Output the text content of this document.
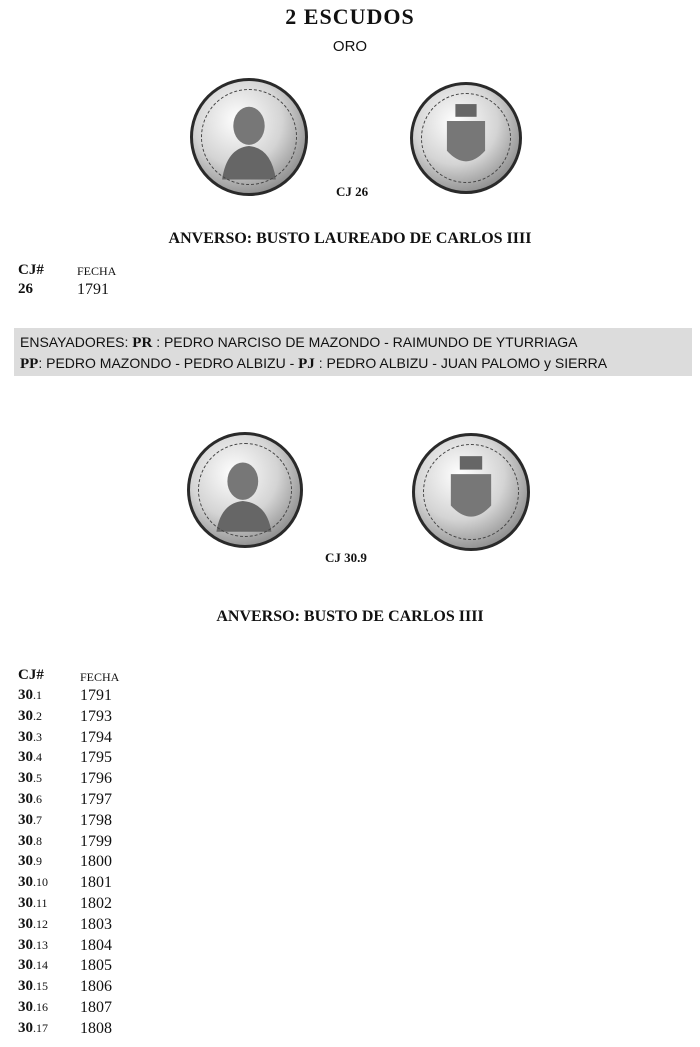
2 ESCUDOS
ORO
CJ 26
ANVERSO: BUSTO LAUREADO DE CARLOS IIII
CJ#	FECHA
26	1791
ENSAYADORES: PR : PEDRO NARCISO DE MAZONDO - RAIMUNDO DE YTURRIAGA
PP: PEDRO MAZONDO - PEDRO ALBIZU - PJ : PEDRO ALBIZU - JUAN PALOMO y SIERRA
CJ 30.9
ANVERSO: BUSTO DE CARLOS IIII
CJ#	FECHA
30.1 1791
30.2 1793
30.3 1794
30.4 1795
30.5 1796
30.6 1797
30.7 1798
30.8 1799
30.9 1800
30.10 1801
30.11 1802
30.12 1803
30.13 1804
30.14 1805
30.15 1806
30.16 1807
30.17 1808
